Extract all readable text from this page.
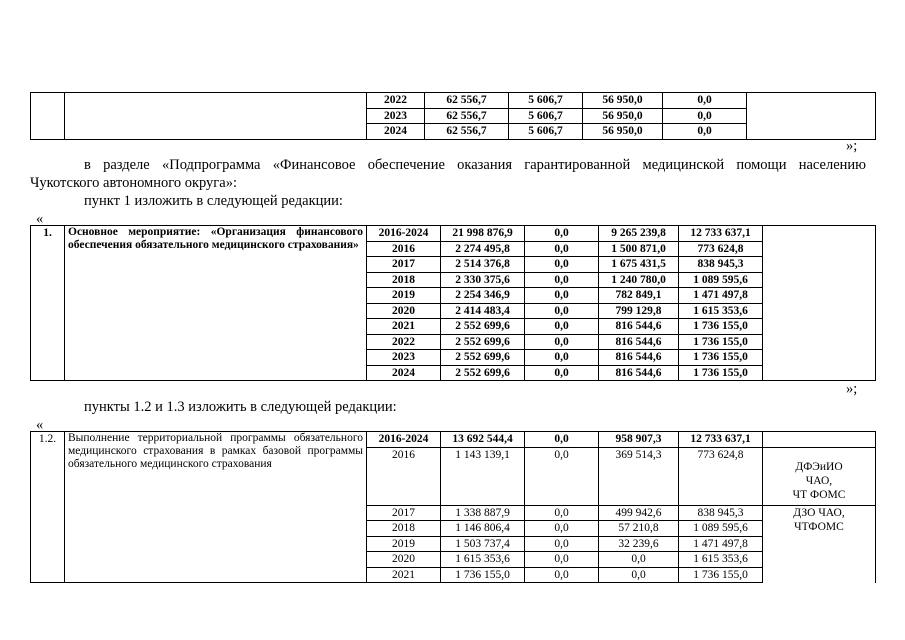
		2022	62 556,7	5 606,7	56 950,0	0,0	
		2023	62 556,7	5 606,7	56 950,0	0,0	
		2024	62 556,7	5 606,7	56 950,0	0,0	
»;
в разделе «Подпрограмма «Финансовое обеспечение оказания гарантированной медицинской помощи населению
Чукотского автономного округа»:
пункт 1 изложить в следующей редакции:
«
1.	Основное мероприятие: «Организация финансового обеспечения обязательного медицинского страхования»	2016-2024	21 998 876,9	0,0	9 265 239,8	12 733 637,1	
		2016	2 274 495,8	0,0	1 500 871,0	773 624,8	
		2017	2 514 376,8	0,0	1 675 431,5	838 945,3	
		2018	2 330 375,6	0,0	1 240 780,0	1 089 595,6	
		2019	2 254 346,9	0,0	782 849,1	1 471 497,8	
		2020	2 414 483,4	0,0	799 129,8	1 615 353,6	
		2021	2 552 699,6	0,0	816 544,6	1 736 155,0	
		2022	2 552 699,6	0,0	816 544,6	1 736 155,0	
		2023	2 552 699,6	0,0	816 544,6	1 736 155,0	
		2024	2 552 699,6	0,0	816 544,6	1 736 155,0	
»;
пункты 1.2 и 1.3 изложить в следующей редакции:
«
1.2.	Выполнение территориальной программы обязательного медицинского страхования в рамках базовой программы обязательного медицинского страхования	2016-2024	13 692 544,4	0,0	958 907,3	12 733 637,1	
		2016	1 143 139,1	0,0	369 514,3	773 624,8	ДФЭиИО
ЧАО,
ЧТ ФОМС

		2017	1 338 887,9	0,0	499 942,6	838 945,3	ДЗО ЧАО,
ЧТФОМС

		2018	1 146 806,4	0,0	57 210,8	1 089 595,6	
		2019	1 503 737,4	0,0	32 239,6	1 471 497,8	
		2020	1 615 353,6	0,0	0,0	1 615 353,6	
		2021	1 736 155,0	0,0	0,0	1 736 155,0	
